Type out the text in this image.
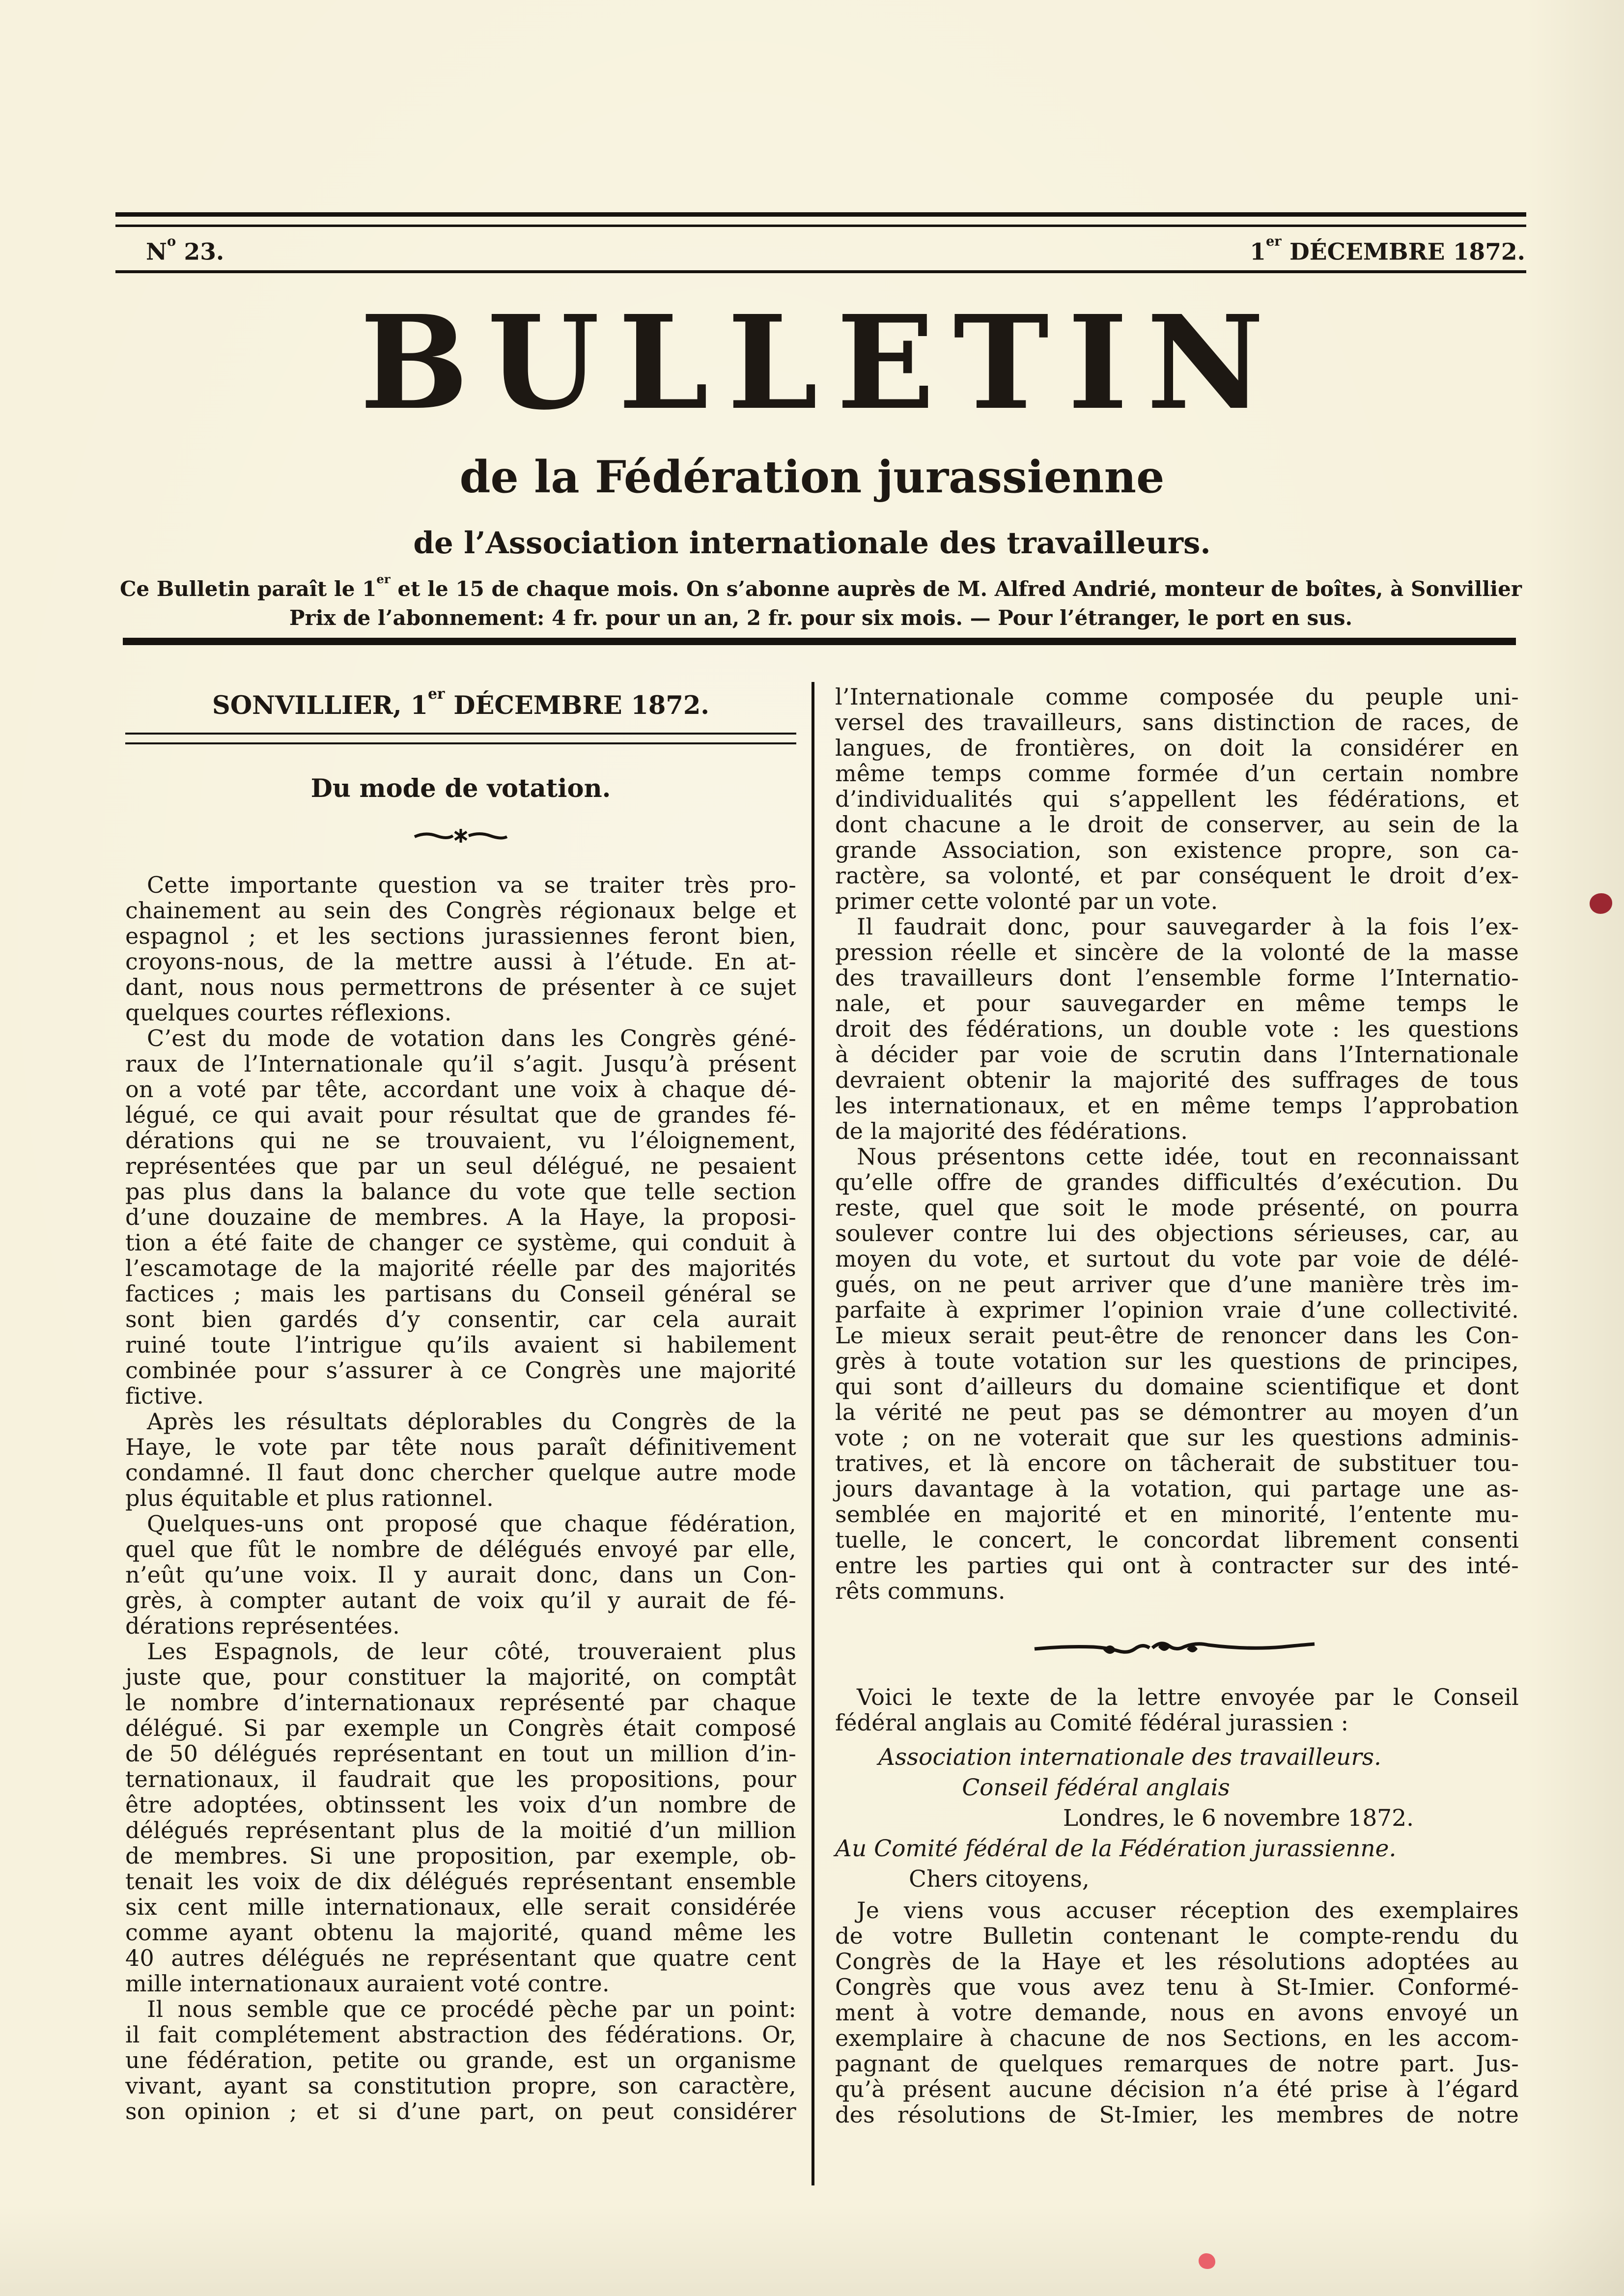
$N^o$ 23.	1er DÉCEMBRE 1872.
BULLETIN
de la Fédération jurassienne
de l’Association internationale des travailleurs.
Ce Bulletin paraît le 1er et le 15 de chaque mois. On s’abonne auprès de M. Alfred Andrié, monteur de boîtes, à Sonvillier
Prix de l’abonnement: 4 fr. pour un an, 2 fr. pour six mois. — Pour l’étranger, le port en sus.
SONVILLIER, 1er DÉCEMBRE 1872.
Du mode de votation.
Cette importante question va se traiter très pro-
chainement au sein des Congrès régionaux belge et
espagnol ; et les sections jurassiennes feront bien,
croyons-nous, de la mettre aussi à l’étude. En at-
dant, nous nous permettrons de présenter à ce sujet
quelques courtes réflexions.
C’est du mode de votation dans les Congrès géné-
raux de l’Internationale qu’il s’agit. Jusqu’à présent
on a voté par tête, accordant une voix à chaque dé-
légué, ce qui avait pour résultat que de grandes fé-
dérations qui ne se trouvaient, vu l’éloignement,
représentées que par un seul délégué, ne pesaient
pas plus dans la balance du vote que telle section
d’une douzaine de membres. A la Haye, la proposi-
tion a été faite de changer ce système, qui conduit à
l’escamotage de la majorité réelle par des majorités
factices ; mais les partisans du Conseil général se
sont bien gardés d’y consentir, car cela aurait
ruiné toute l’intrigue qu’ils avaient si habilement
combinée pour s’assurer à ce Congrès une majorité
fictive.
Après les résultats déplorables du Congrès de la
Haye, le vote par tête nous paraît définitivement
condamné. Il faut donc chercher quelque autre mode
plus équitable et plus rationnel.
Quelques-uns ont proposé que chaque fédération,
quel que fût le nombre de délégués envoyé par elle,
n’eût qu’une voix. Il y aurait donc, dans un Con-
grès, à compter autant de voix qu’il y aurait de fé-
dérations représentées.
Les Espagnols, de leur côté, trouveraient plus
juste que, pour constituer la majorité, on comptât
le nombre d’internationaux représenté par chaque
délégué. Si par exemple un Congrès était composé
de 50 délégués représentant en tout un million d’in-
ternationaux, il faudrait que les propositions, pour
être adoptées, obtinssent les voix d’un nombre de
délégués représentant plus de la moitié d’un million
de membres. Si une proposition, par exemple, ob-
tenait les voix de dix délégués représentant ensemble
six cent mille internationaux, elle serait considérée
comme ayant obtenu la majorité, quand même les
40 autres délégués ne représentant que quatre cent
mille internationaux auraient voté contre.
Il nous semble que ce procédé pèche par un point:
il fait complétement abstraction des fédérations. Or,
une fédération, petite ou grande, est un organisme
vivant, ayant sa constitution propre, son caractère,
son opinion ; et si d’une part, on peut considérer
l’Internationale comme composée du peuple uni-
versel des travailleurs, sans distinction de races, de
langues, de frontières, on doit la considérer en
même temps comme formée d’un certain nombre
d’individualités qui s’appellent les fédérations, et
dont chacune a le droit de conserver, au sein de la
grande Association, son existence propre, son ca-
ractère, sa volonté, et par conséquent le droit d’ex-
primer cette volonté par un vote.
Il faudrait donc, pour sauvegarder à la fois l’ex-
pression réelle et sincère de la volonté de la masse
des travailleurs dont l’ensemble forme l’Internatio-
nale, et pour sauvegarder en même temps le
droit des fédérations, un double vote : les questions
à décider par voie de scrutin dans l’Internationale
devraient obtenir la majorité des suffrages de tous
les internationaux, et en même temps l’approbation
de la majorité des fédérations.
Nous présentons cette idée, tout en reconnaissant
qu’elle offre de grandes difficultés d’exécution. Du
reste, quel que soit le mode présenté, on pourra
soulever contre lui des objections sérieuses, car, au
moyen du vote, et surtout du vote par voie de délé-
gués, on ne peut arriver que d’une manière très im-
parfaite à exprimer l’opinion vraie d’une collectivité.
Le mieux serait peut-être de renoncer dans les Con-
grès à toute votation sur les questions de principes,
qui sont d’ailleurs du domaine scientifique et dont
la vérité ne peut pas se démontrer au moyen d’un
vote ; on ne voterait que sur les questions adminis-
tratives, et là encore on tâcherait de substituer tou-
jours davantage à la votation, qui partage une as-
semblée en majorité et en minorité, l’entente mu-
tuelle, le concert, le concordat librement consenti
entre les parties qui ont à contracter sur des inté-
rêts communs.
Voici le texte de la lettre envoyée par le Conseil
fédéral anglais au Comité fédéral jurassien :
Association internationale des travailleurs.
Conseil fédéral anglais
Londres, le 6 novembre 1872.
Au Comité fédéral de la Fédération jurassienne.
Chers citoyens,
Je viens vous accuser réception des exemplaires
de votre Bulletin contenant le compte-rendu du
Congrès de la Haye et les résolutions adoptées au
Congrès que vous avez tenu à St-Imier. Conformé-
ment à votre demande, nous en avons envoyé un
exemplaire à chacune de nos Sections, en les accom-
pagnant de quelques remarques de notre part. Jus-
qu’à présent aucune décision n’a été prise à l’égard
des résolutions de St-Imier, les membres de notre
